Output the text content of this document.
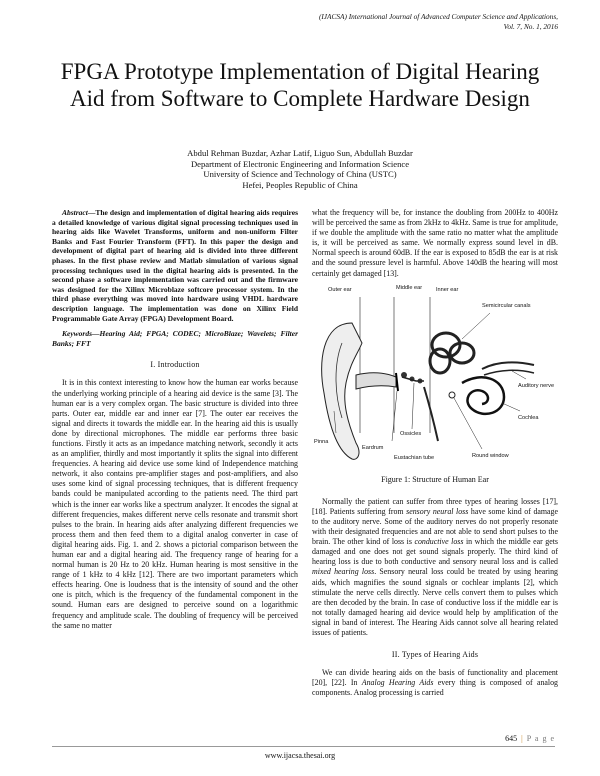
(IJACSA) International Journal of Advanced Computer Science and Applications,
Vol. 7, No. 1, 2016
FPGA Prototype Implementation of Digital Hearing
Aid from Software to Complete Hardware Design
Abdul Rehman Buzdar, Azhar Latif, Liguo Sun, Abdullah Buzdar
Department of Electronic Engineering and Information Science
University of Science and Technology of China (USTC)
Hefei, Peoples Republic of China

Abstract—The design and implementation of digital hearing aids requires a detailed knowledge of various digital signal processing techniques used in hearing aids like Wavelet Transforms, uniform and non-uniform Filter Banks and Fast Fourier Transform (FFT). In this paper the design and development of digital part of hearing aid is divided into three different phases. In the first phase review and Matlab simulation of various signal processing techniques used in the digital hearing aids is presented. In the second phase a software implementation was carried out and the firmware was designed for the Xilinx Microblaze softcore processor system. In the third phase everything was moved into hardware using VHDL hardware description language. The implementation was done on Xilinx Field Programmable Gate Array (FPGA) Development Board.

Keywords—Hearing Aid; FPGA; CODEC; MicroBlaze; Wavelets; Filter Banks; FFT

I. Introduction

It is in this context interesting to know how the human ear works because the underlying working principle of a hearing aid device is the same [3]. The human ear is a very complex organ. The basic structure is divided into three parts. Outer ear, middle ear and inner ear [7]. The outer ear receives the signal and directs it towards the middle ear. In the hearing aid this is usually done by directional microphones. The middle ear performs three basic functions. Firstly it acts as an impedance matching network, secondly it acts as an amplifier, thirdly and most importantly it splits the signal into different frequencies. A hearing aid device use some kind of Independence matching network, it also contains pre-amplifier stages and post-amplifiers, and also uses some kind of signal processing techniques, that is different frequency bands could be manipulated according to the patients need. The third part which is the inner ear works like a spectrum analyzer. It encodes the signal at different frequencies, makes different nerve cells resonate and transmit short pulses to the brain. In hearing aids after analyzing different frequencies we process them and then feed them to a digital analog converter in case of digital hearing aids. Fig. 1. and 2. shows a pictorial comparison between the human ear and a digital hearing aid. The frequency range of hearing for a normal human is 20 Hz to 20 kHz. Human hearing is most sensitive in the range of 1 kHz to 4 kHz [12]. There are two important parameters which effects hearing. One is loudness that is the intensity of sound and the other one is pitch, which is the frequency of the fundamental component in the sound. Human ears are designed to perceive sound on a logarithmic frequency and amplitude scale. The doubling of frequency will be perceived the same no matter

what the frequency will be, for instance the doubling from 200Hz to 400Hz will be perceived the same as from 2kHz to 4kHz. Same is true for amplitude, if we double the amplitude with the same ratio no matter what the amplitude is, it will be perceived as same. We normally express sound level in dB. Normal speech is around 60dB. If the ear is exposed to 85dB the ear is at risk and the sound pressure level is harmful. Above 140dB the hearing will most certainly get damaged [13].

Outer ear	Middle ear Inner ear
Semicircular canals
Auditory nerve
Pinna
Cochlea
Ossicles
Eardrum
Round window
Eustachian tube
Figure 1: Structure of Human Ear

Normally the patient can suffer from three types of hearing losses [17], [18]. Patients suffering from sensory neural loss have some kind of damage to the auditory nerve. Some of the auditory nerves do not properly resonate with their designated frequencies and are not able to send short pulses to the brain. The other kind of loss is conductive loss in which the middle ear gets damaged and one does not get sound signals properly. The third kind of hearing loss is due to both conductive and sensory neural loss and is called mixed hearing loss. Sensory neural loss could be treated by using hearing aids, which magnifies the sound signals or cochlear implants [2], which stimulate the nerve cells directly. Nerve cells convert them to pulses which are then decoded by the brain. In case of conductive loss if the middle ear is not totally damaged hearing aid device would help by amplification of the signal in band of interest. The Hearing Aids cannot solve all hearing related issues of patients.

II. Types of Hearing Aids

We can divide hearing aids on the basis of functionality and placement [20], [22]. In Analog Hearing Aids every thing is composed of analog components. Analog processing is carried

645 | P a g e
www.ijacsa.thesai.org
